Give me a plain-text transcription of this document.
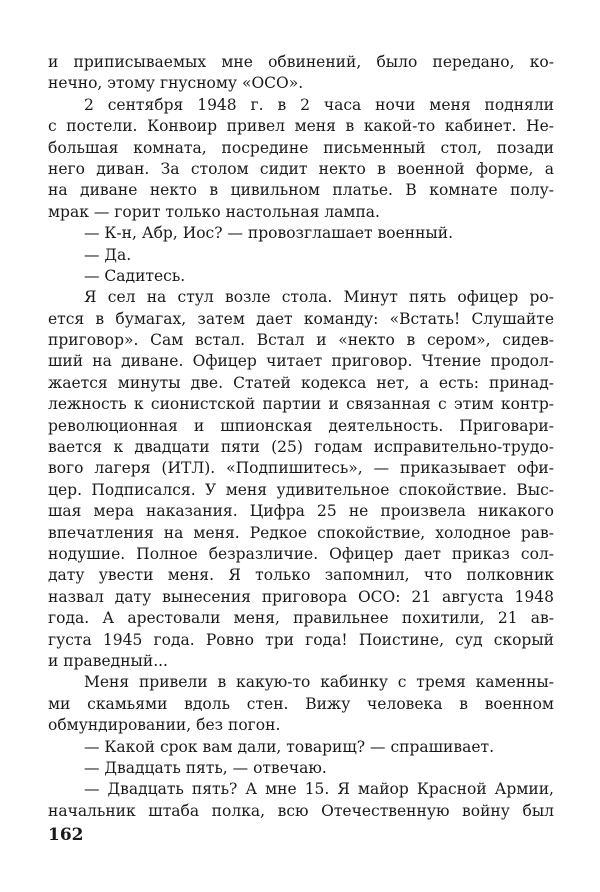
и приписываемых мне обвинений, было передано, ко-
нечно, этому гнусному «ОСО».
2 сентября 1948 г. в 2 часа ночи меня подняли
с постели. Конвоир привел меня в какой-то кабинет. Не-
большая комната, посредине письменный стол, позади
него диван. За столом сидит некто в военной форме, а
на диване некто в цивильном платье. В комнате полу-
мрак — горит только настольная лампа.
— К-н, Абр, Иос? — провозглашает военный.
— Да.
— Садитесь.
Я сел на стул возле стола. Минут пять офицер ро-
ется в бумагах, затем дает команду: «Встать! Слушайте
приговор». Сам встал. Встал и «некто в сером», сидев-
ший на диване. Офицер читает приговор. Чтение продол-
жается минуты две. Статей кодекса нет, а есть: принад-
лежность к сионистской партии и связанная с этим контр-
революционная и шпионская деятельность. Приговари-
вается к двадцати пяти (25) годам исправительно-трудо-
вого лагеря (ИТЛ). «Подпишитесь», — приказывает офи-
цер. Подписался. У меня удивительное спокойствие. Выс-
шая мера наказания. Цифра 25 не произвела никакого
впечатления на меня. Редкое спокойствие, холодное рав-
нодушие. Полное безразличие. Офицер дает приказ сол-
дату увести меня. Я только запомнил, что полковник
назвал дату вынесения приговора ОСО: 21 августа 1948
года. А арестовали меня, правильнее похитили, 21 ав-
густа 1945 года. Ровно три года! Поистине, суд скорый
и праведный...
Меня привели в какую-то кабинку с тремя каменны-
ми скамьями вдоль стен. Вижу человека в военном
обмундировании, без погон.
— Какой срок вам дали, товарищ? — спрашивает.
— Двадцать пять, — отвечаю.
— Двадцать пять? А мне 15. Я майор Красной Армии,
начальник штаба полка, всю Отечественную войну был
162
